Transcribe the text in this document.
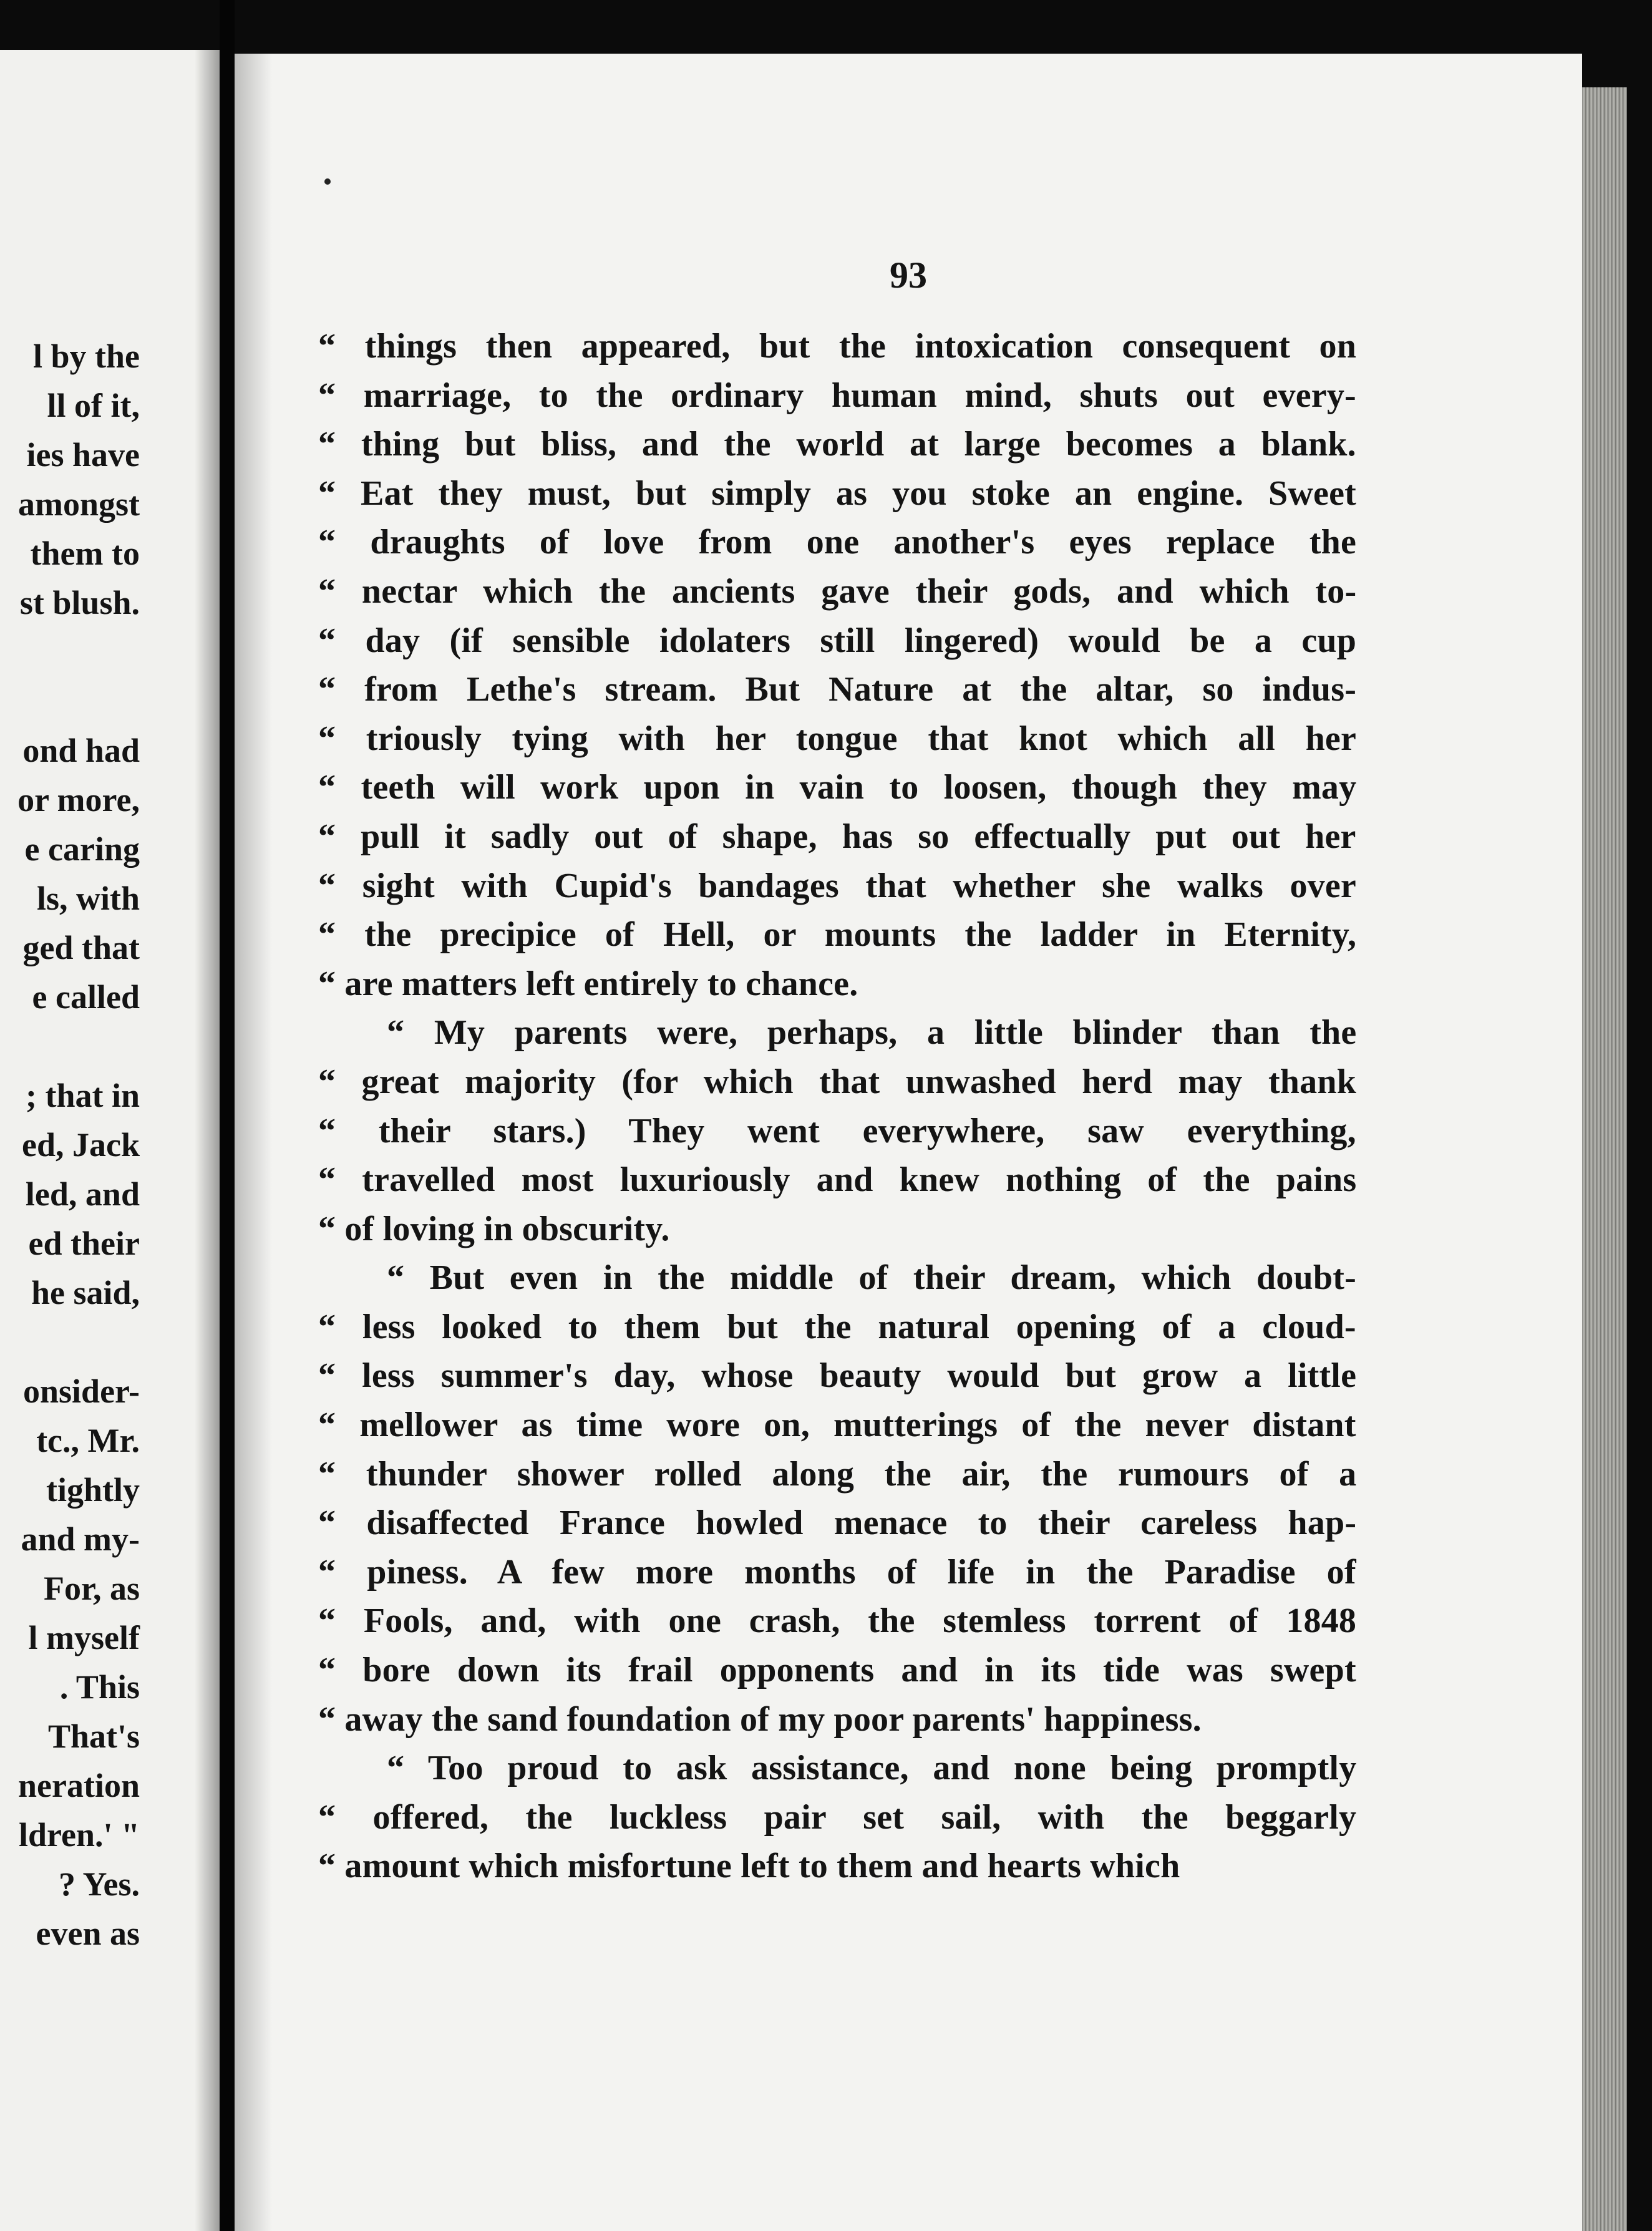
l by the
ll of it,
ies have
amongst
them to
st blush.
ond had
or more,
e caring
ls, with
ged that
e called
; that in
ed, Jack
led, and
ed their
he said,
onsider-
tc., Mr.
tightly
and my-
For, as
l myself
. This
That's
neration
ldren.' "
? Yes.
even as
93
“ things then appeared, but the intoxication consequent on
“ marriage, to the ordinary human mind, shuts out every-
“ thing but bliss, and the world at large becomes a blank.
“ Eat they must, but simply as you stoke an engine. Sweet
“ draughts of love from one another's eyes replace the
“ nectar which the ancients gave their gods, and which to-
“ day (if sensible idolaters still lingered) would be a cup
“ from Lethe's stream. But Nature at the altar, so indus-
“ triously tying with her tongue that knot which all her
“ teeth will work upon in vain to loosen, though they may
“ pull it sadly out of shape, has so effectually put out her
“ sight with Cupid's bandages that whether she walks over
“ the precipice of Hell, or mounts the ladder in Eternity,
“ are matters left entirely to chance.
“ My parents were, perhaps, a little blinder than the
“ great majority (for which that unwashed herd may thank
“ their stars.) They went everywhere, saw everything,
“ travelled most luxuriously and knew nothing of the pains
“ of loving in obscurity.
“ But even in the middle of their dream, which doubt-
“ less looked to them but the natural opening of a cloud-
“ less summer's day, whose beauty would but grow a little
“ mellower as time wore on, mutterings of the never distant
“ thunder shower rolled along the air, the rumours of a
“ disaffected France howled menace to their careless hap-
“ piness. A few more months of life in the Paradise of
“ Fools, and, with one crash, the stemless torrent of 1848
“ bore down its frail opponents and in its tide was swept
“ away the sand foundation of my poor parents' happiness.
“ Too proud to ask assistance, and none being promptly
“ offered, the luckless pair set sail, with the beggarly
“ amount which misfortune left to them and hearts which
